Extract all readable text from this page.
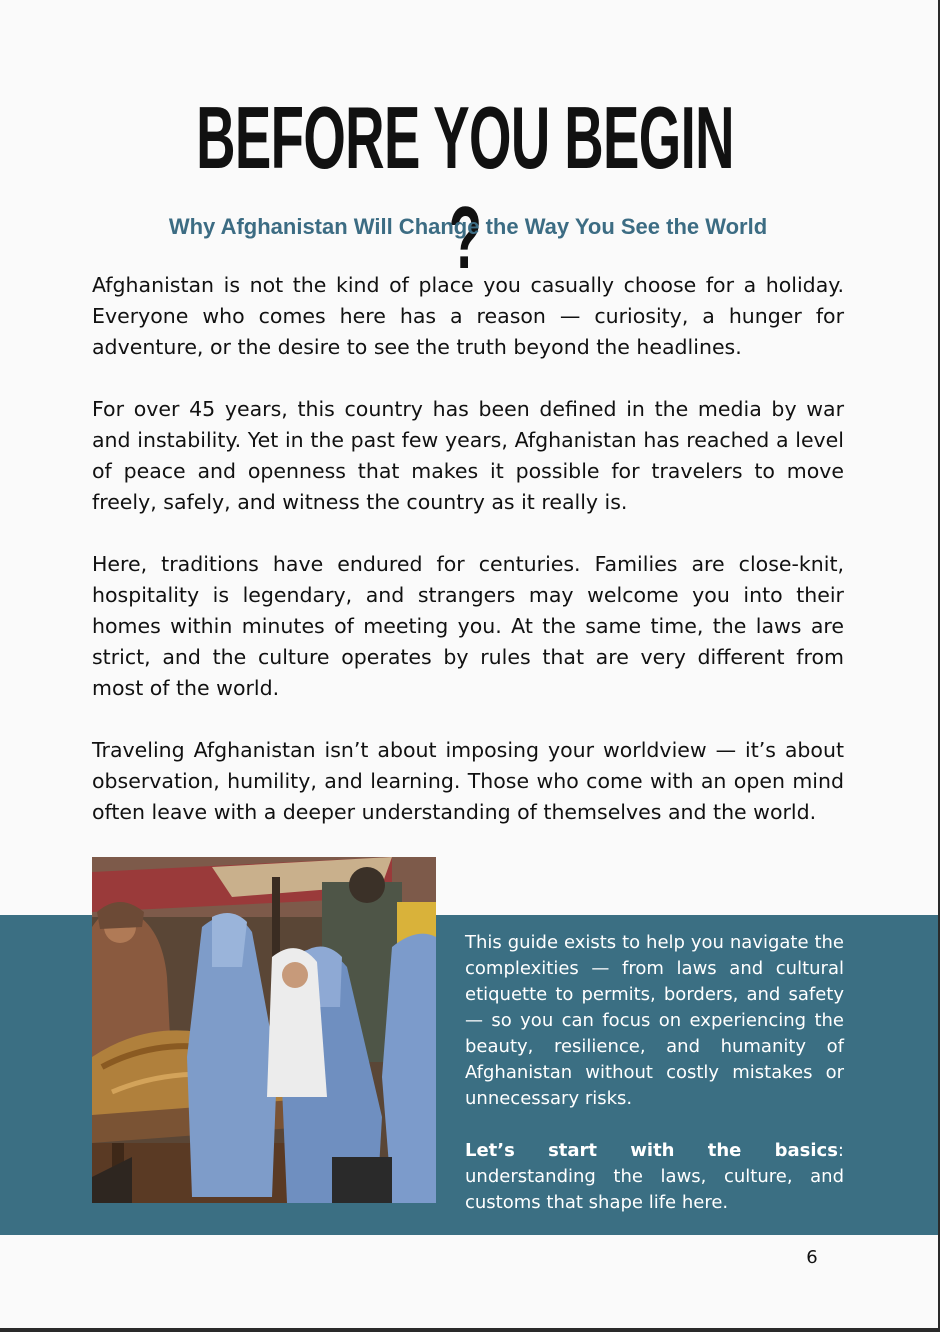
BEFORE YOU BEGIN ?
Why Afghanistan Will Change the Way You See the World

Afghanistan is not the kind of place you casually choose for a holiday. Everyone who comes here has a reason — curiosity, a hunger for adventure, or the desire to see the truth beyond the headlines.

For over 45 years, this country has been defined in the media by war and instability. Yet in the past few years, Afghanistan has reached a level of peace and openness that makes it possible for travelers to move freely, safely, and witness the country as it really is.

Here, traditions have endured for centuries. Families are close-knit, hospitality is legendary, and strangers may welcome you into their homes within minutes of meeting you. At the same time, the laws are strict, and the culture operates by rules that are very different from most of the world.

Traveling Afghanistan isn’t about imposing your worldview — it’s about observation, humility, and learning. Those who come with an open mind often leave with a deeper understanding of themselves and the world.

This guide exists to help you navigate the complexities — from laws and cultural etiquette to permits, borders, and safety — so you can focus on experiencing the beauty, resilience, and humanity of Afghanistan without costly mistakes or unnecessary risks.

Let’s start with the basics: understanding the laws, culture, and customs that shape life here.

6
